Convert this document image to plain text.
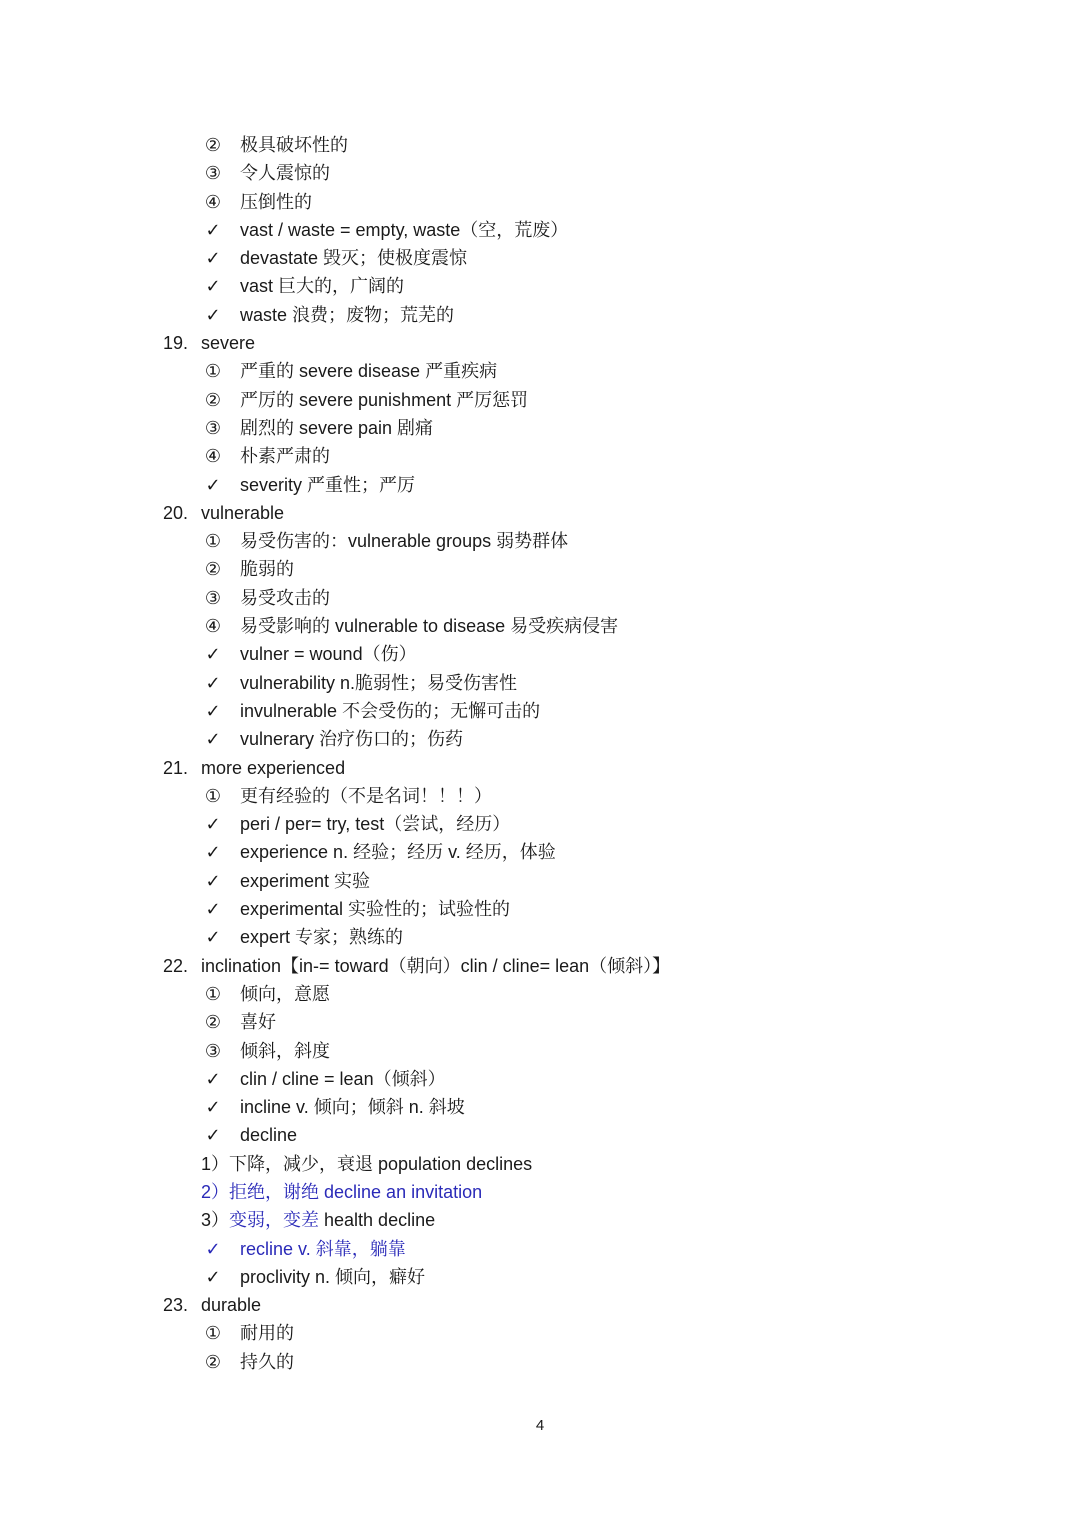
② 极具破坏性的
③ 令人震惊的
④ 压倒性的
✓ vast / waste = empty, waste（空，荒废）
✓ devastate 毁灭；使极度震惊
✓ vast 巨大的，广阔的
✓ waste 浪费；废物；荒芜的
19. severe
① 严重的 severe disease 严重疾病
② 严厉的 severe punishment 严厉惩罚
③ 剧烈的 severe pain 剧痛
④ 朴素严肃的
✓ severity 严重性；严厉
20. vulnerable
① 易受伤害的：vulnerable groups 弱势群体
② 脆弱的
③ 易受攻击的
④ 易受影响的 vulnerable to disease 易受疾病侵害
✓ vulner = wound（伤）
✓ vulnerability n.脆弱性；易受伤害性
✓ invulnerable 不会受伤的；无懈可击的
✓ vulnerary 治疗伤口的；伤药
21. more experienced
① 更有经验的（不是名词！！！）
✓ peri / per= try, test（尝试，经历）
✓ experience n. 经验；经历 v. 经历，体验
✓ experiment 实验
✓ experimental 实验性的；试验性的
✓ expert 专家；熟练的
22. inclination【in-= toward（朝向）clin / cline= lean（倾斜）】
① 倾向，意愿
② 喜好
③ 倾斜，斜度
✓ clin / cline = lean（倾斜）
✓ incline v. 倾向；倾斜 n. 斜坡
✓ decline
1）下降，减少，衰退 population declines
2）拒绝，谢绝 decline an invitation
3）变弱，变差 health decline
✓ recline v. 斜靠，躺靠
✓ proclivity n. 倾向，癖好
23. durable
① 耐用的
② 持久的
4
